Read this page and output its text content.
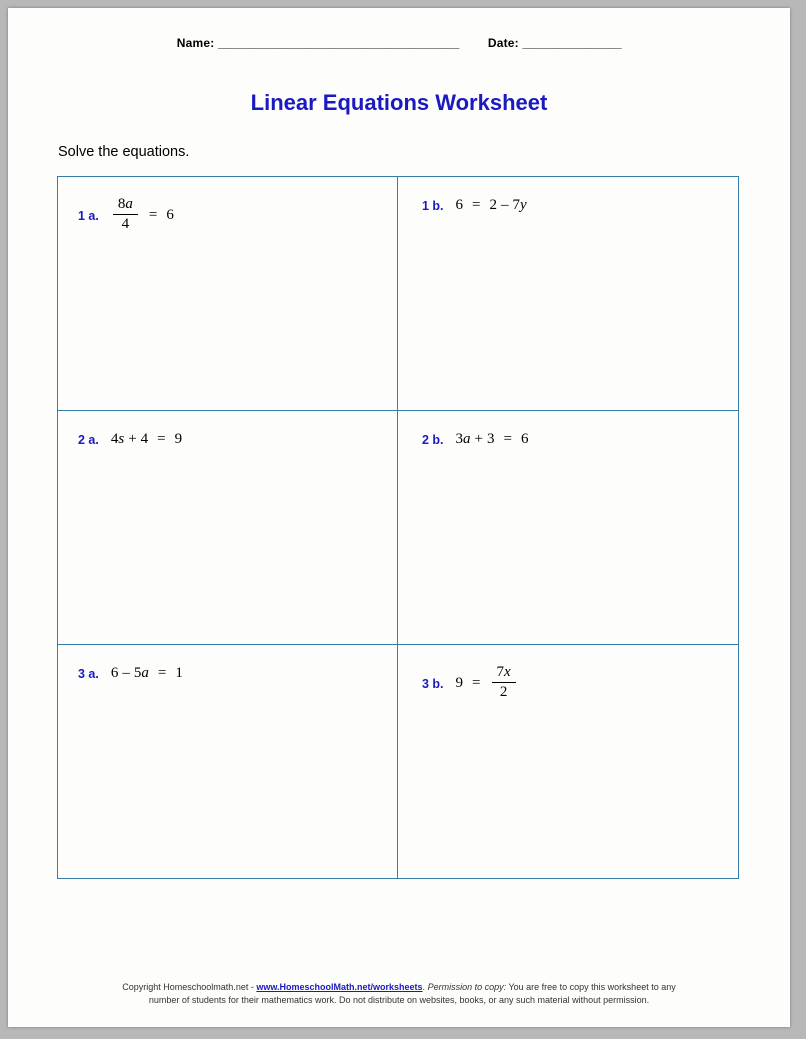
Name: _______________________________________ Date: ________________
Linear Equations Worksheet
Solve the equations.
1 a. $\frac{8a}{4} = 6$
1 b. 6 = 2 – 7y
2 a. 4s + 4 = 9	2 b. 3a + 3 = 6
3 a. 6 – 5a = 1
3 b. $9 = \frac{7x}{2}$
Copyright Homeschoolmath.net - www.HomeschoolMath.net/worksheets. Permission to copy: You are free to copy this worksheet to any
number of students for their mathematics work. Do not distribute on websites, books, or any such material without permission.
